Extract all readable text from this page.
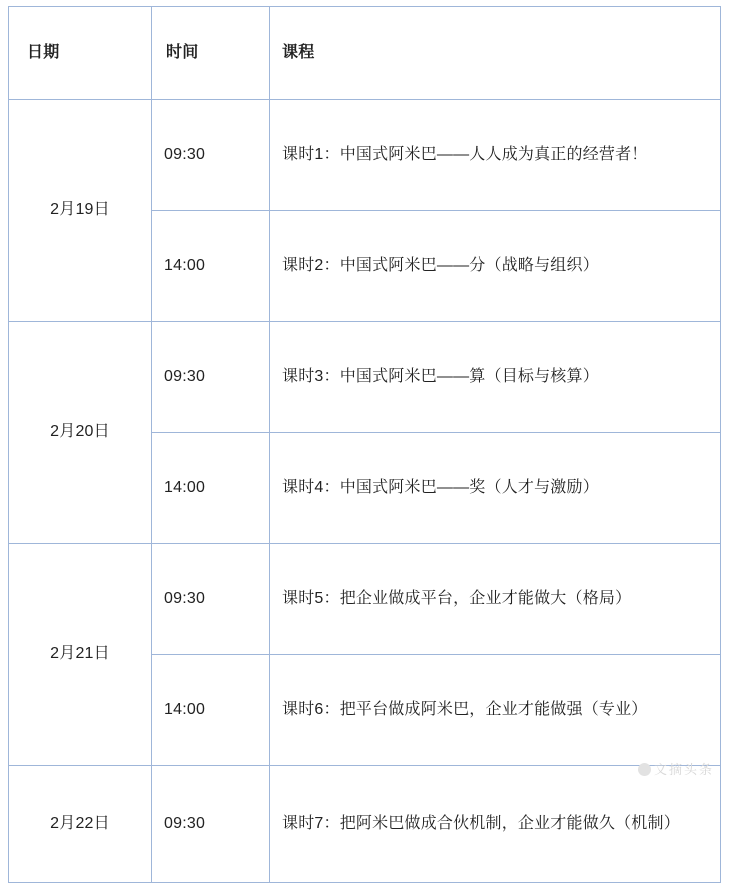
日期	时间	课程
2月19日	09:30	课时1：中国式阿米巴——人人成为真正的经营者！
	14:00	课时2：中国式阿米巴——分（战略与组织）
2月20日	09:30	课时3：中国式阿米巴——算（目标与核算）
	14:00	课时4：中国式阿米巴——奖（人才与激励）
2月21日	09:30	课时5：把企业做成平台，企业才能做大（格局）
	14:00	课时6：把平台做成阿米巴，企业才能做强（专业）
2月22日	09:30	课时7：把阿米巴做成合伙机制，企业才能做久（机制）
文摘头条
